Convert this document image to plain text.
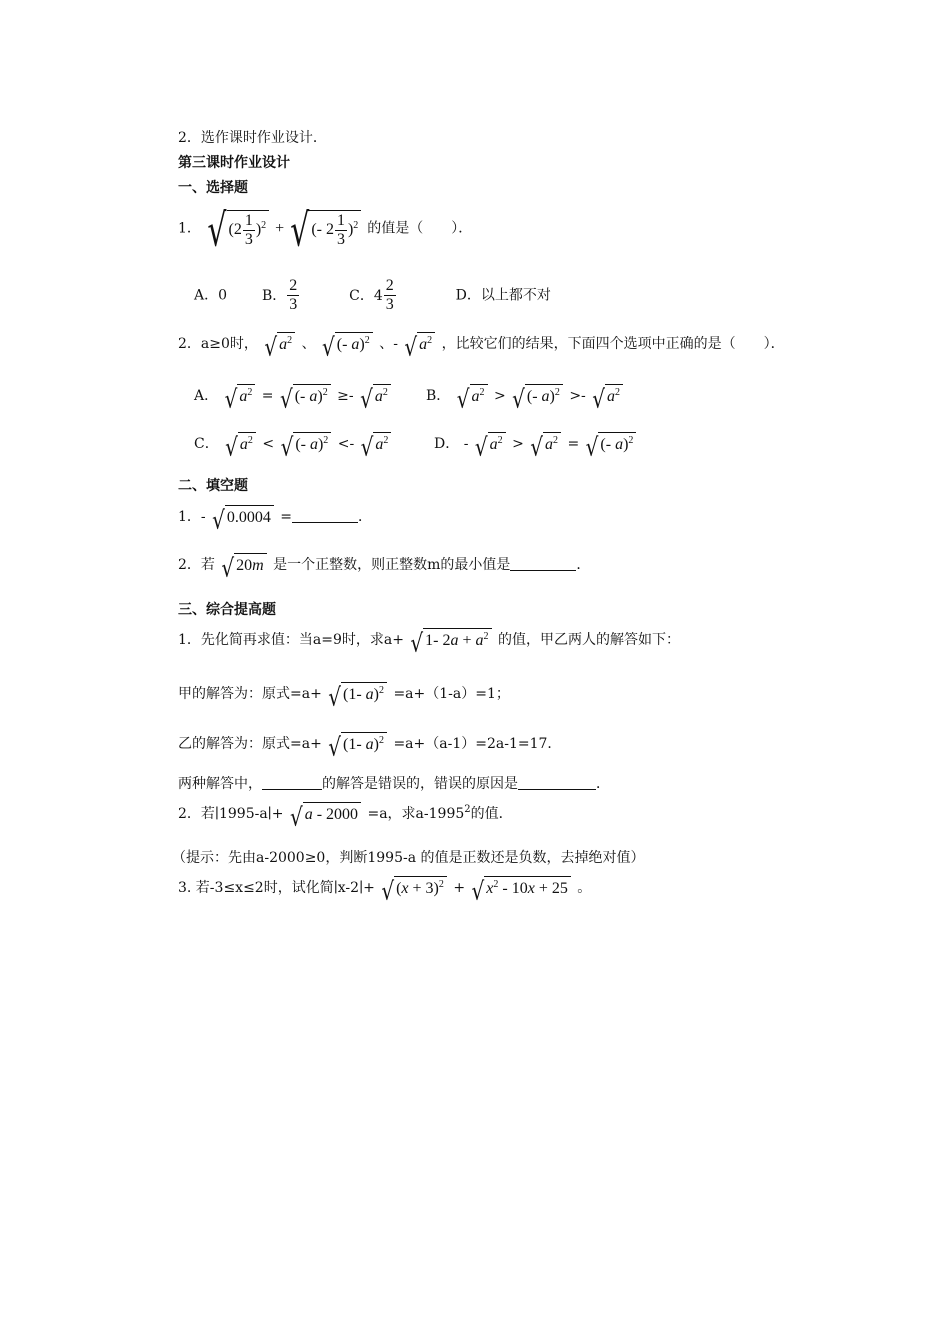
2．选作课时作业设计．
第三课时作业设计
一、选择题
1． √ $(2 \frac{1}{3} )^2$ + √ (- $2 \frac{1}{3} )^2$ 的值是（　　）．
A．0 B． $\frac{2}{3}$	C．$4 \frac{2}{3}$	D．以上都不对
2．a≥0时， √ $a^2$ 、 √ (- a)$^2$ 、- √ $a^2$ ，比较它们的结果，下面四个选项中正确的是（　　）．
A． √ $a^2$ = √ (- a)$^2$ ≥- √ $a^2$	B． √ $a^2$ > √ (- a)$^2$ >- √ $a^2$
C． √ $a^2$ < √ (- a)$^2$ <- √ $a^2$	D． - √ $a^2$ > √ $a^2$ = √ (- a)$^2$
二、填空题
1．- √ 0.0004 =	．
2．若 √ 20m 是一个正整数，则正整数m的最小值是	．
三、综合提高题
1．先化简再求值：当a=9时，求a+ √ 1- $2a + a^2$ 的值，甲乙两人的解答如下：
甲的解答为：原式=a+ √ (1- a)$^2$ =a+（1-a）=1；
乙的解答为：原式=a+ √ (1- a)$^2$ =a+（a-1）=2a-1=17．
两种解答中，	的解答是错误的，错误的原因是	．
2．若∣1995-a∣+ √ a - 2000 =a，求a-1995$^2$的值．
（提示：先由a-2000≥0，判断1995-a 的值是正数还是负数，去掉绝对值）
3. 若-3≤x≤2时，试化简∣x-2∣+ √ $(x + 3)^2$ + √ $x^2 - 10x + 25$ 。
